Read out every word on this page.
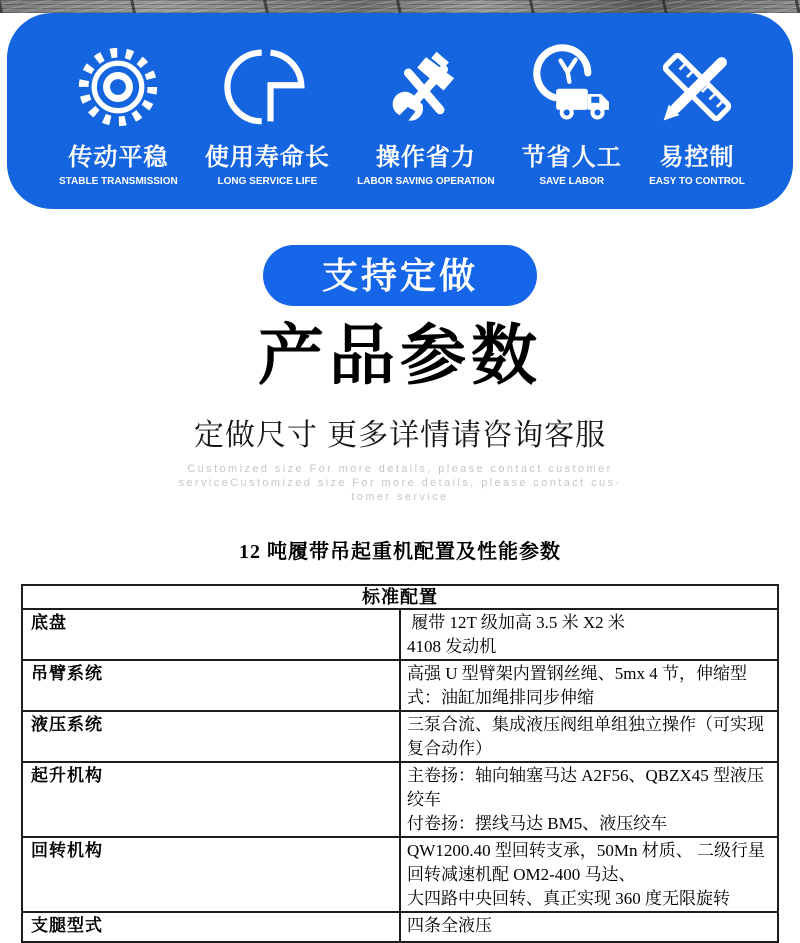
传动平稳
STABLE TRANSMISSION
使用寿命长
LONG SERVICE LIFE
操作省力
LABOR SAVING OPERATION
节省人工
SAVE LABOR
易控制
EASY TO CONTROL
支持定做
产品参数
定做尺寸 更多详情请咨询客服
Customized size For more details, please contact customer
serviceCustomized size For more details, please contact cus-
tomer service
12 吨履带吊起重机配置及性能参数
标准配置	
底盘	履带 12T 级加高 3.5 米 X2 米
4108 发动机

吊臂系统	高强 U 型臂架内置钢丝绳、5mx 4 节，伸缩型式：油缸加绳排同步伸缩

液压系统	三泵合流、集成液压阀组单组独立操作（可实现复合动作）

起升机构	主卷扬：轴向轴塞马达 A2F56、QBZX45 型液压绞车
付卷扬：摆线马达 BM5、液压绞车

回转机构	QW1200.40 型回转支承，50Mn 材质、 二级行星回转减速机配 OM2-400 马达、
大四路中央回转、真正实现 360 度无限旋转

支腿型式	四条全液压
